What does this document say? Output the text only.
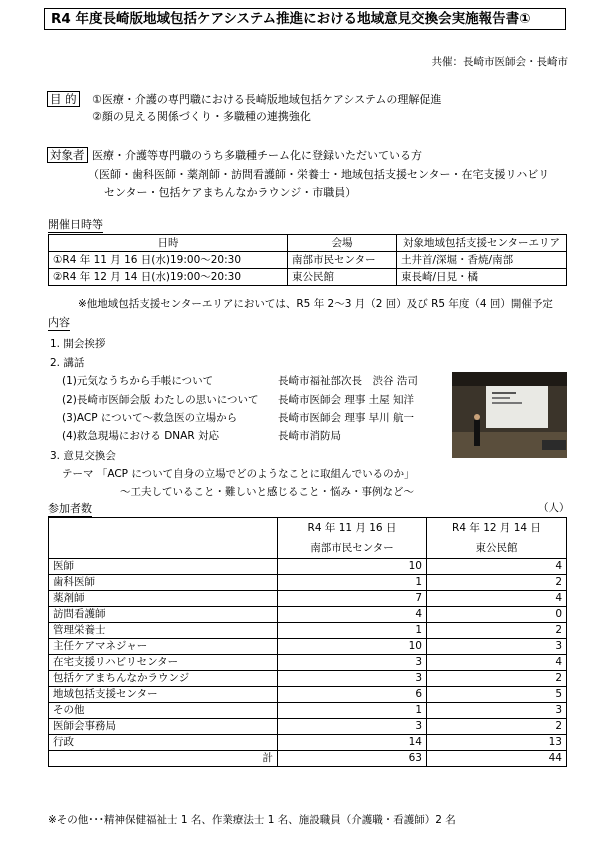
R4 年度長崎版地域包括ケアシステム推進における地域意見交換会実施報告書①
共催：長崎市医師会・長崎市
目 的 ①医療・介護の専門職における長崎版地域包括ケアシステムの理解促進
②顔の見える関係づくり・多職種の連携強化
対象者 医療・介護等専門職のうち多職種チーム化に登録いただいている方
（医師・歯科医師・薬剤師・訪問看護師・栄養士・地域包括支援センター・在宅支援リハビリ
センター・包括ケアまちんなかラウンジ・市職員）
開催日時等
日時	会場	対象地域包括支援センターエリア
①R4 年 11 月 16 日(水)19:00～20:30	南部市民センター	土井首/深堀・香焼/南部
②R4 年 12 月 14 日(水)19:00～20:30	東公民館	東長崎/日見・橘
※他地域包括支援センターエリアにおいては、R5 年 2～3 月（2 回）及び R5 年度（4 回）開催予定
内容
1. 開会挨拶
2. 講話
(1)元気なうちから手帳について	長崎市福祉部次長　渋谷 浩司
(2)長崎市医師会版 わたしの思いについて 長崎市医師会 理事 土屋 知洋
(3)ACP について～救急医の立場から	長崎市医師会 理事 早川 航一
(4)救急現場における DNAR 対応	長崎市消防局
3. 意見交換会
テーマ 「ACP について自身の立場でどのようなことに取組んでいるのか」
～工夫していること・難しいと感じること・悩み・事例など～
参加者数	（人）
	R4 年 11 月 16 日	R4 年 12 月 14 日
	南部市民センター	東公民館
医師	10	4
歯科医師	1	2
薬剤師	7	4
訪問看護師	4	0
管理栄養士	1	2
主任ケアマネジャー	10	3
在宅支援リハビリセンター	3	4
包括ケアまちんなかラウンジ	3	2
地域包括支援センター	6	5
その他	1	3
医師会事務局	3	2
行政	14	13
計	63	44
※その他･･･精神保健福祉士 1 名、作業療法士 1 名、施設職員（介護職・看護師）2 名
